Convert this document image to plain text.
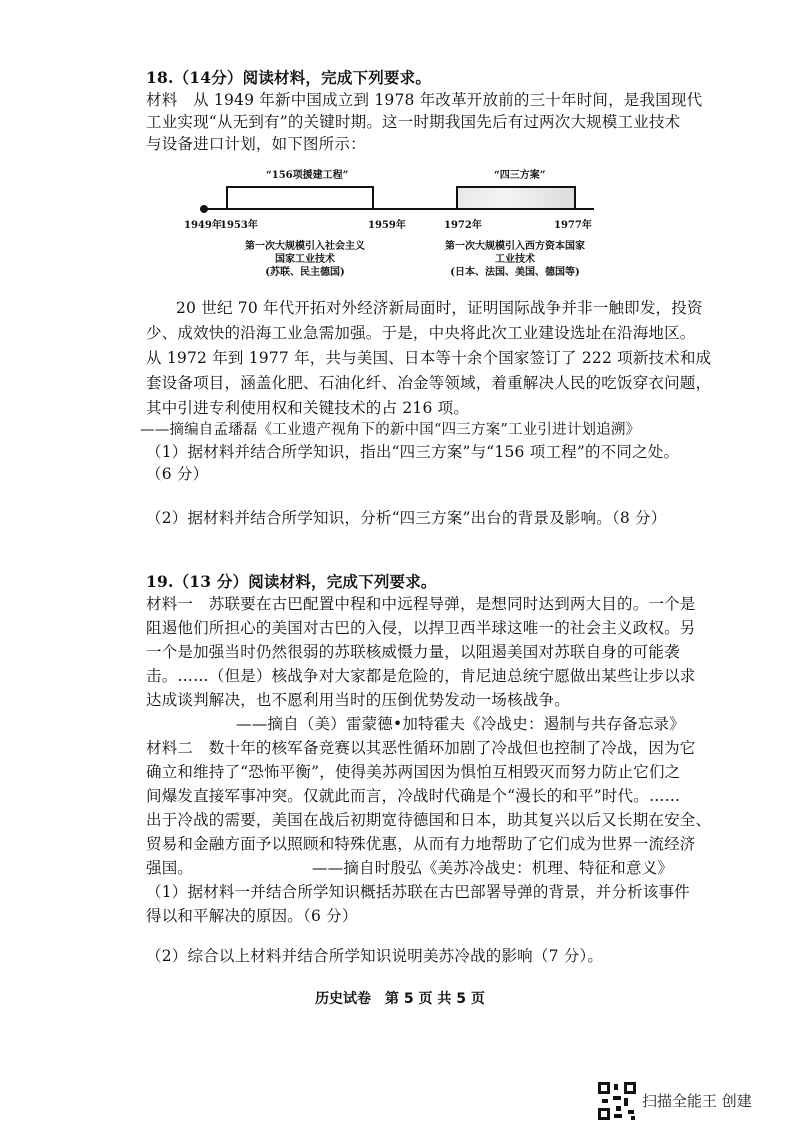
18.（14分）阅读材料，完成下列要求。
材料　从 1949 年新中国成立到 1978 年改革开放前的三十年时间，是我国现代
工业实现“从无到有”的关键时期。这一时期我国先后有过两次大规模工业技术
与设备进口计划，如下图所示：
“156项援建工程”	“四三方案”
1949年
1953年	1959年	1972年	1977年
第一次大规模引入社会主义
国家工业技术
(苏联、民主德国)
第一次大规模引入西方资本国家
工业技术
(日本、法国、美国、德国等)
20 世纪 70 年代开拓对外经济新局面时，证明国际战争并非一触即发，投资
少、成效快的沿海工业急需加强。于是，中央将此次工业建设选址在沿海地区。
从 1972 年到 1977 年，共与美国、日本等十余个国家签订了 222 项新技术和成
套设备项目，涵盖化肥、石油化纤、冶金等领域，着重解决人民的吃饭穿衣问题，
其中引进专利使用权和关键技术的占 216 项。
——摘编自孟璠磊《工业遗产视角下的新中国“四三方案”工业引进计划追溯》
（1）据材料并结合所学知识，指出“四三方案”与“156 项工程”的不同之处。
（6 分）
（2）据材料并结合所学知识，分析“四三方案”出台的背景及影响。（8 分）
19.（13 分）阅读材料，完成下列要求。
材料一　苏联要在古巴配置中程和中远程导弹，是想同时达到两大目的。一个是
阻遏他们所担心的美国对古巴的入侵，以捍卫西半球这唯一的社会主义政权。另
一个是加强当时仍然很弱的苏联核威慑力量，以阻遏美国对苏联自身的可能袭
击。……（但是）核战争对大家都是危险的，肯尼迪总统宁愿做出某些让步以求
达成谈判解决，也不愿利用当时的压倒优势发动一场核战争。
——摘自（美）雷蒙德•加特霍夫《冷战史：遏制与共存备忘录》
材料二　数十年的核军备竞赛以其恶性循环加剧了冷战但也控制了冷战，因为它
确立和维持了“恐怖平衡”，使得美苏两国因为惧怕互相毁灭而努力防止它们之
间爆发直接军事冲突。仅就此而言，冷战时代确是个“漫长的和平”时代。……
出于冷战的需要，美国在战后初期宽待德国和日本，助其复兴以后又长期在安全、
贸易和金融方面予以照顾和特殊优惠，从而有力地帮助了它们成为世界一流经济
强国。	——摘自时殷弘《美苏冷战史：机理、特征和意义》
（1）据材料一并结合所学知识概括苏联在古巴部署导弹的背景，并分析该事件
得以和平解决的原因。（6 分）
（2）综合以上材料并结合所学知识说明美苏冷战的影响（7 分）。
历史试卷　第 5 页 共 5 页
扫描全能王 创建
